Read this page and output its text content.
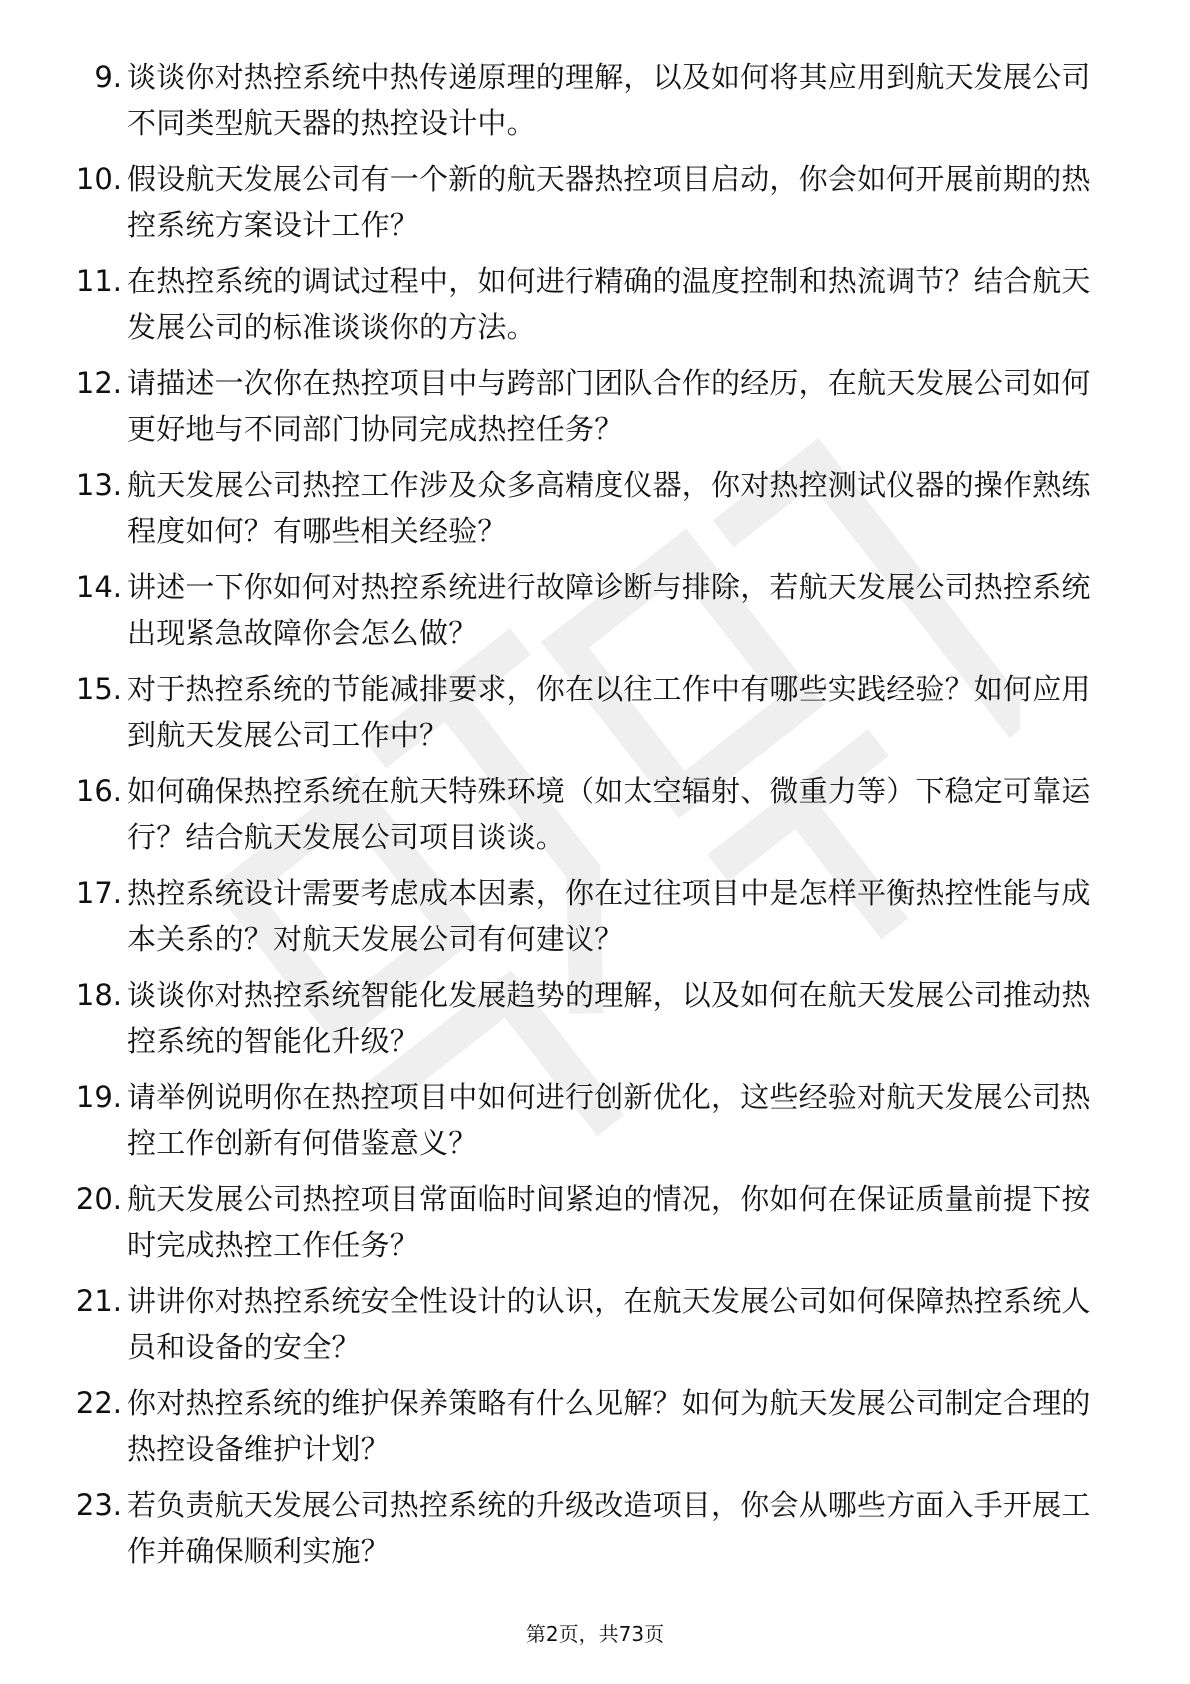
9. 谈谈你对热控系统中热传递原理的理解，以及如何将其应用到航天发展公司不同类型航天器的热控设计中。
10. 假设航天发展公司有一个新的航天器热控项目启动，你会如何开展前期的热控系统方案设计工作？
11. 在热控系统的调试过程中，如何进行精确的温度控制和热流调节？结合航天发展公司的标准谈谈你的方法。
12. 请描述一次你在热控项目中与跨部门团队合作的经历，在航天发展公司如何更好地与不同部门协同完成热控任务？
13. 航天发展公司热控工作涉及众多高精度仪器，你对热控测试仪器的操作熟练程度如何？有哪些相关经验？
14. 讲述一下你如何对热控系统进行故障诊断与排除，若航天发展公司热控系统出现紧急故障你会怎么做？
15. 对于热控系统的节能减排要求，你在以往工作中有哪些实践经验？如何应用到航天发展公司工作中？
16. 如何确保热控系统在航天特殊环境（如太空辐射、微重力等）下稳定可靠运行？结合航天发展公司项目谈谈。
17. 热控系统设计需要考虑成本因素，你在过往项目中是怎样平衡热控性能与成本关系的？对航天发展公司有何建议？
18. 谈谈你对热控系统智能化发展趋势的理解，以及如何在航天发展公司推动热控系统的智能化升级？
19. 请举例说明你在热控项目中如何进行创新优化，这些经验对航天发展公司热控工作创新有何借鉴意义？
20. 航天发展公司热控项目常面临时间紧迫的情况，你如何在保证质量前提下按时完成热控工作任务？
21. 讲讲你对热控系统安全性设计的认识，在航天发展公司如何保障热控系统人员和设备的安全？
22. 你对热控系统的维护保养策略有什么见解？如何为航天发展公司制定合理的热控设备维护计划？
23. 若负责航天发展公司热控系统的升级改造项目，你会从哪些方面入手开展工作并确保顺利实施？
第2页，共73页
